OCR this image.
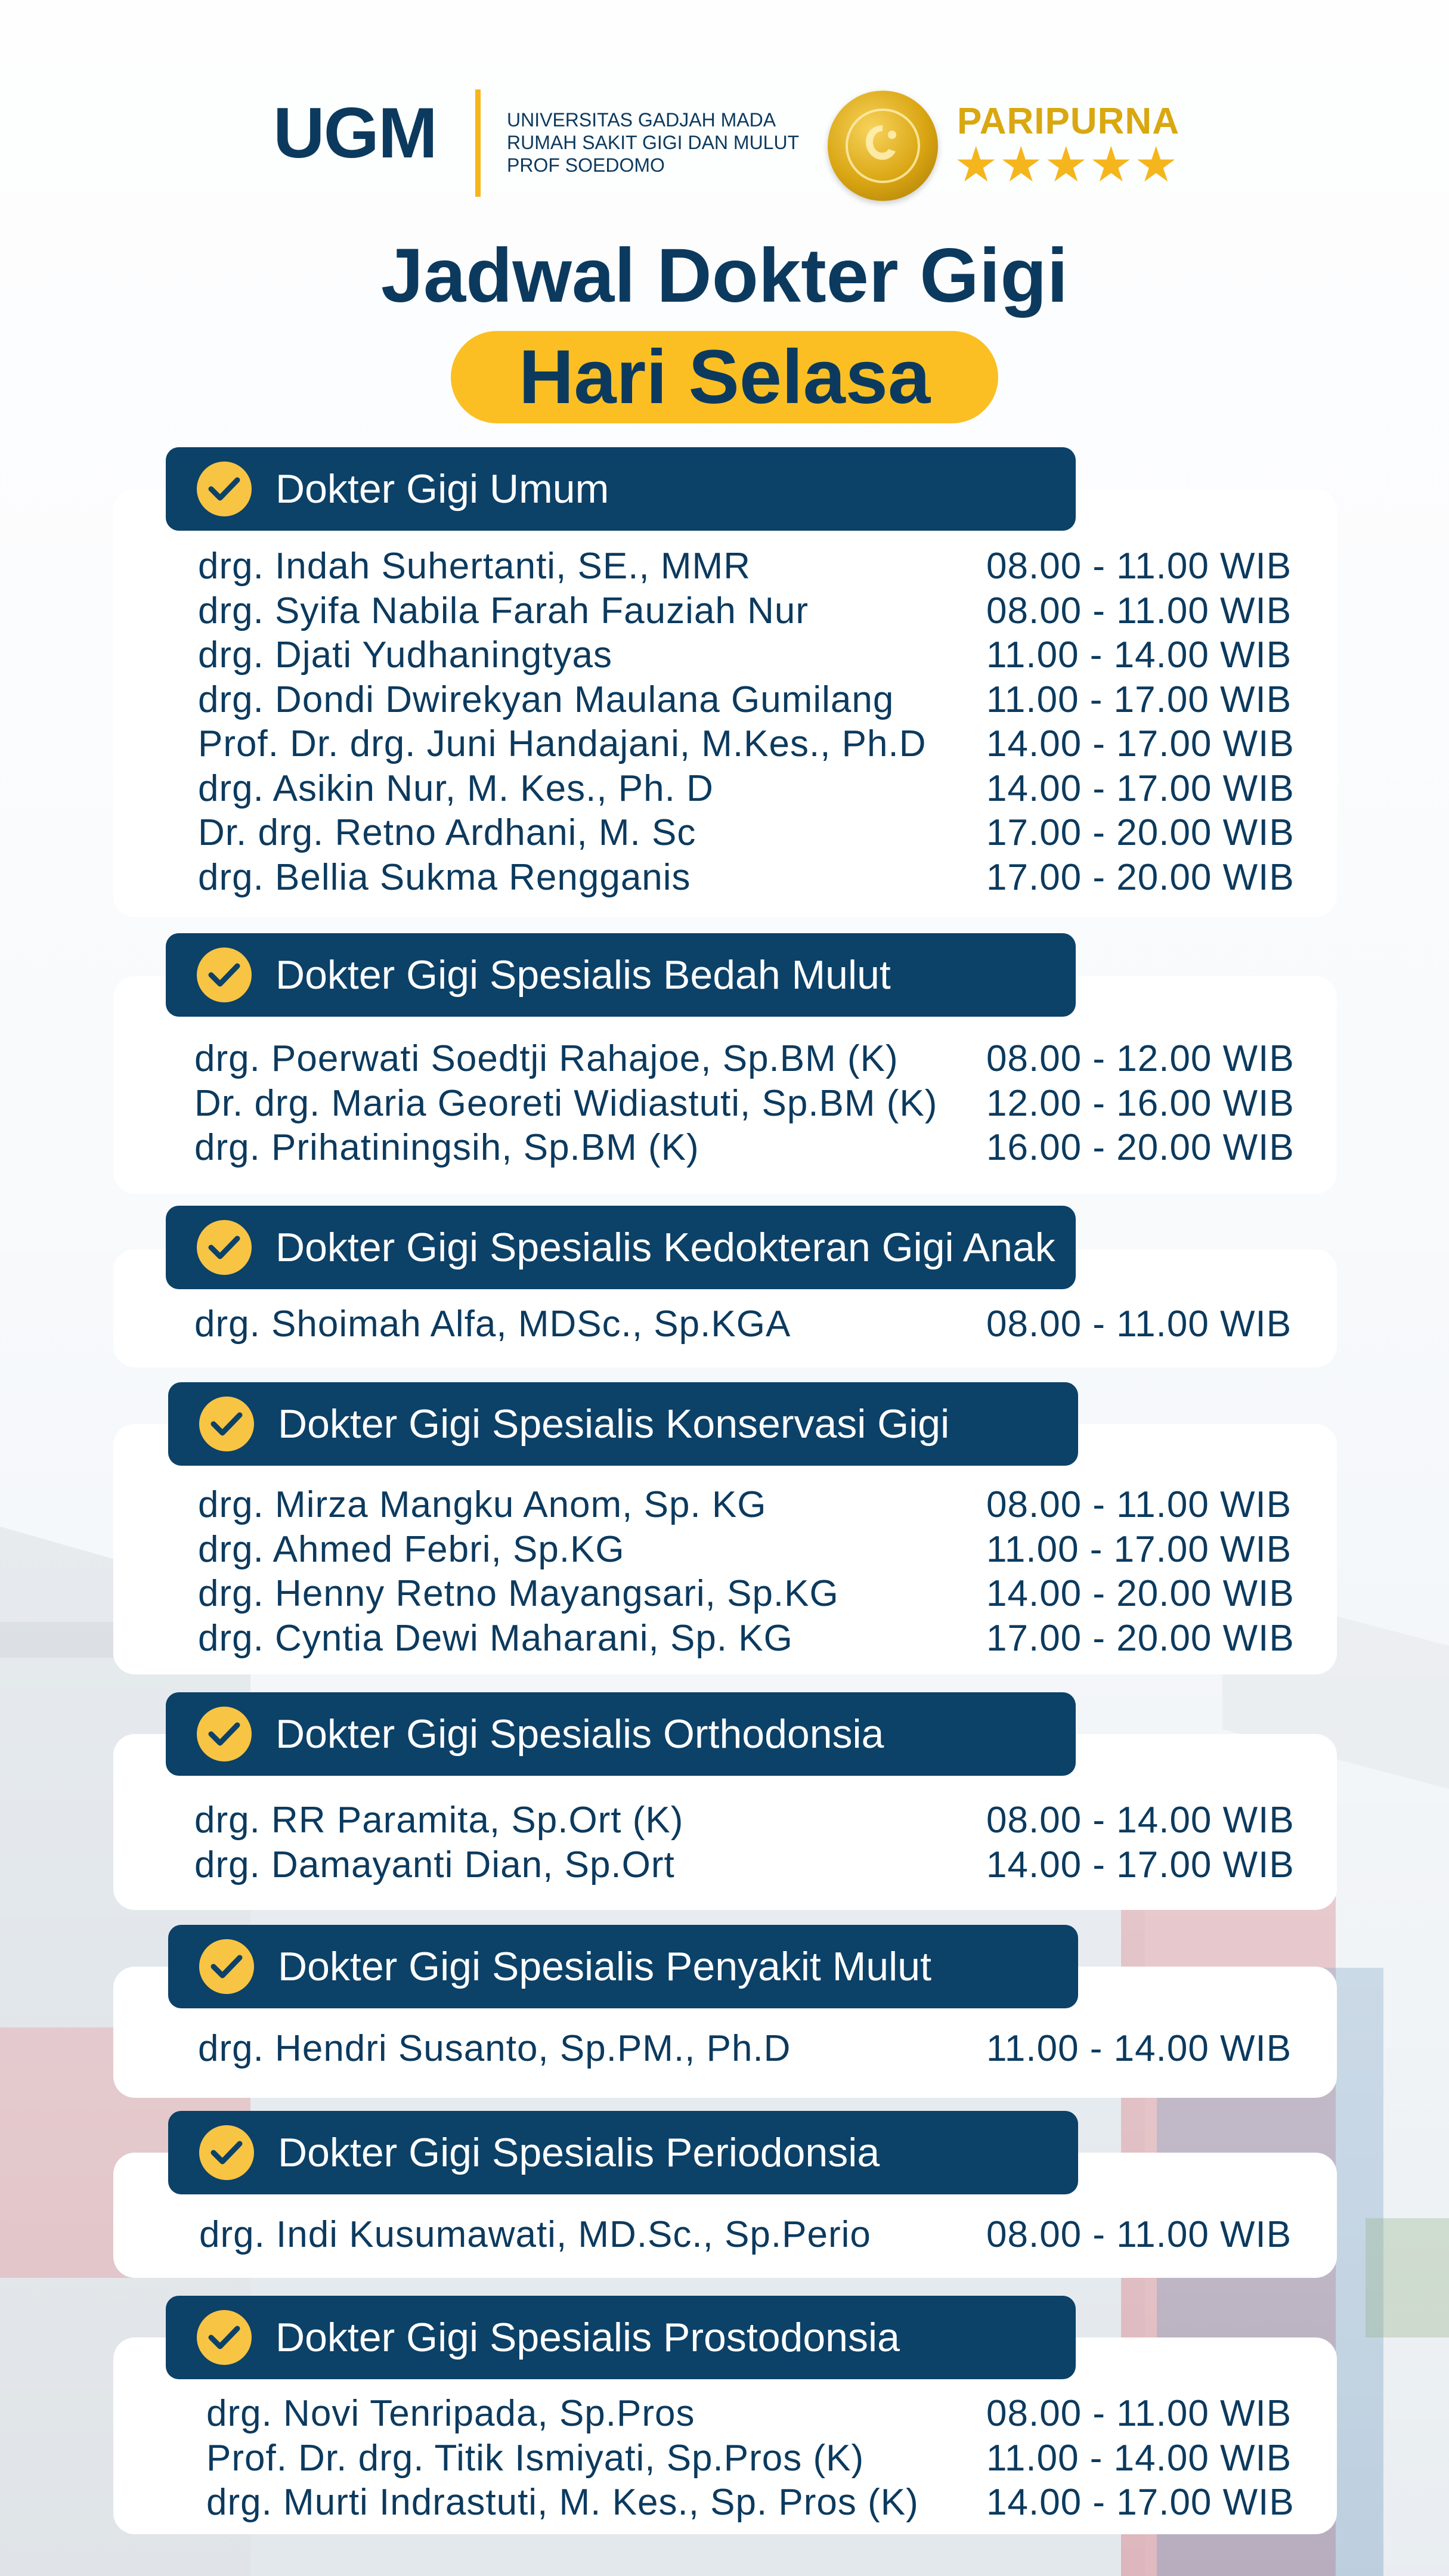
UGM	UNIVERSITAS GADJAH MADA
RUMAH SAKIT GIGI DAN MULUT
PROF SOEDOMO
PARIPURNA
★★★★★
Jadwal Dokter Gigi
Hari Selasa
Dokter Gigi Umum
drg. Indah Suhertanti, SE., MMR	08.00 - 11.00 WIB
drg. Syifa Nabila Farah Fauziah Nur	08.00 - 11.00 WIB
drg. Djati Yudhaningtyas	11.00 - 14.00 WIB
drg. Dondi Dwirekyan Maulana Gumilang 11.00 - 17.00 WIB
Prof. Dr. drg. Juni Handajani, M.Kes., Ph.D 14.00 - 17.00 WIB
drg. Asikin Nur, M. Kes., Ph. D	14.00 - 17.00 WIB
Dr. drg. Retno Ardhani, M. Sc	17.00 - 20.00 WIB
drg. Bellia Sukma Rengganis	17.00 - 20.00 WIB
Dokter Gigi Spesialis Bedah Mulut
drg. Poerwati Soedtji Rahajoe, Sp.BM (K) 08.00 - 12.00 WIB
Dr. drg. Maria Georeti Widiastuti, Sp.BM (K) 12.00 - 16.00 WIB
drg. Prihatiningsih, Sp.BM (K)	16.00 - 20.00 WIB
Dokter Gigi Spesialis Kedokteran Gigi Anak
drg. Shoimah Alfa, MDSc., Sp.KGA	08.00 - 11.00 WIB
Dokter Gigi Spesialis Konservasi Gigi
drg. Mirza Mangku Anom, Sp. KG	08.00 - 11.00 WIB
drg. Ahmed Febri, Sp.KG	11.00 - 17.00 WIB
drg. Henny Retno Mayangsari, Sp.KG	14.00 - 20.00 WIB
drg. Cyntia Dewi Maharani, Sp. KG	17.00 - 20.00 WIB
Dokter Gigi Spesialis Orthodonsia
drg. RR Paramita, Sp.Ort (K)	08.00 - 14.00 WIB
drg. Damayanti Dian, Sp.Ort	14.00 - 17.00 WIB
Dokter Gigi Spesialis Penyakit Mulut
drg. Hendri Susanto, Sp.PM., Ph.D	11.00 - 14.00 WIB
Dokter Gigi Spesialis Periodonsia
drg. Indi Kusumawati, MD.Sc., Sp.Perio	08.00 - 11.00 WIB
Dokter Gigi Spesialis Prostodonsia
drg. Novi Tenripada, Sp.Pros	08.00 - 11.00 WIB
Prof. Dr. drg. Titik Ismiyati, Sp.Pros (K)	11.00 - 14.00 WIB
drg. Murti Indrastuti, M. Kes., Sp. Pros (K) 14.00 - 17.00 WIB
